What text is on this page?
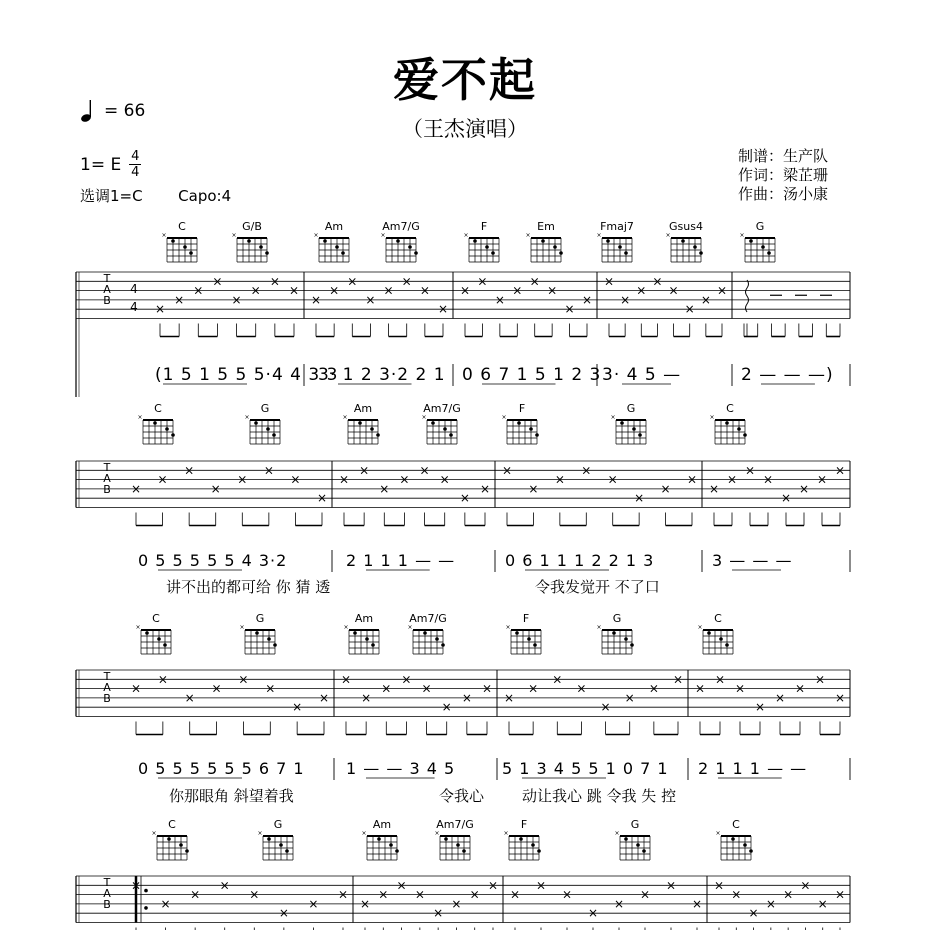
爱不起
（王杰演唱）
= 66
1= E 4
4
选调1=C Capo:4
制谱：生产队
作词：梁芷珊
作曲：汤小康
C
×
G/B
×
Am
×
Am7/G
×
F
×
Em
×
Fmaj7
×
Gsus4
×
G
×
T
A
B
4
4 ×
×
×
×
×
×
×
×
×
×
×
×
×
×
×
×
×
×
×
×
×
×
×
×
×
×
×
×
×
×
×
×
(1 5 1 5 5 5·4 4 3 3
3· 1 2 3·2 2 1 0 6 7 1 5 1 2 3 3· 4 5 —	2 — — —)
C
×
G
×
Am
×
Am7/G
×
F
×
G
×
C
×
T
A
B ×
×
×
×
×
×
×
×
×
×
×
×
×
×
×
×
×
×
×
×
×
×
×
×
×
×
×
×
×
×
×
×
0 5 5 5 5 5 4 3·2	2 1 1 1 — —	0 6 1 1 1 2 2 1 3	3 — — —
讲不出的都可给 你 猜 透	令我发觉开 不了口
C
×
G
×
Am
×
Am7/G
×
F
×
G
×
C
×
T
A
B
×
×
×
×
×
×
×
×
×
×
×
×
×
×
×
×
×
×
×
×
×
×
×
×
×
×
×
×
×
×
×
×
0 5 5 5 5 5 5 6 7 1	1 — — 3 4 5	5 1 3 4 5 5 1 0 7 1 2 1 1 1 — —
你那眼角 斜望着我	令我心	动让我心 跳 令我 失 控
C
×
G
×
Am
×
Am7/G
×
F
×
G
×
C
×
T
A
B
×
×
×
×
×
×
×
×
×
×
×
×
×
×
×
×
×
×
×
×
×
×
×
×
×
×
×
×
×
×
×
×
